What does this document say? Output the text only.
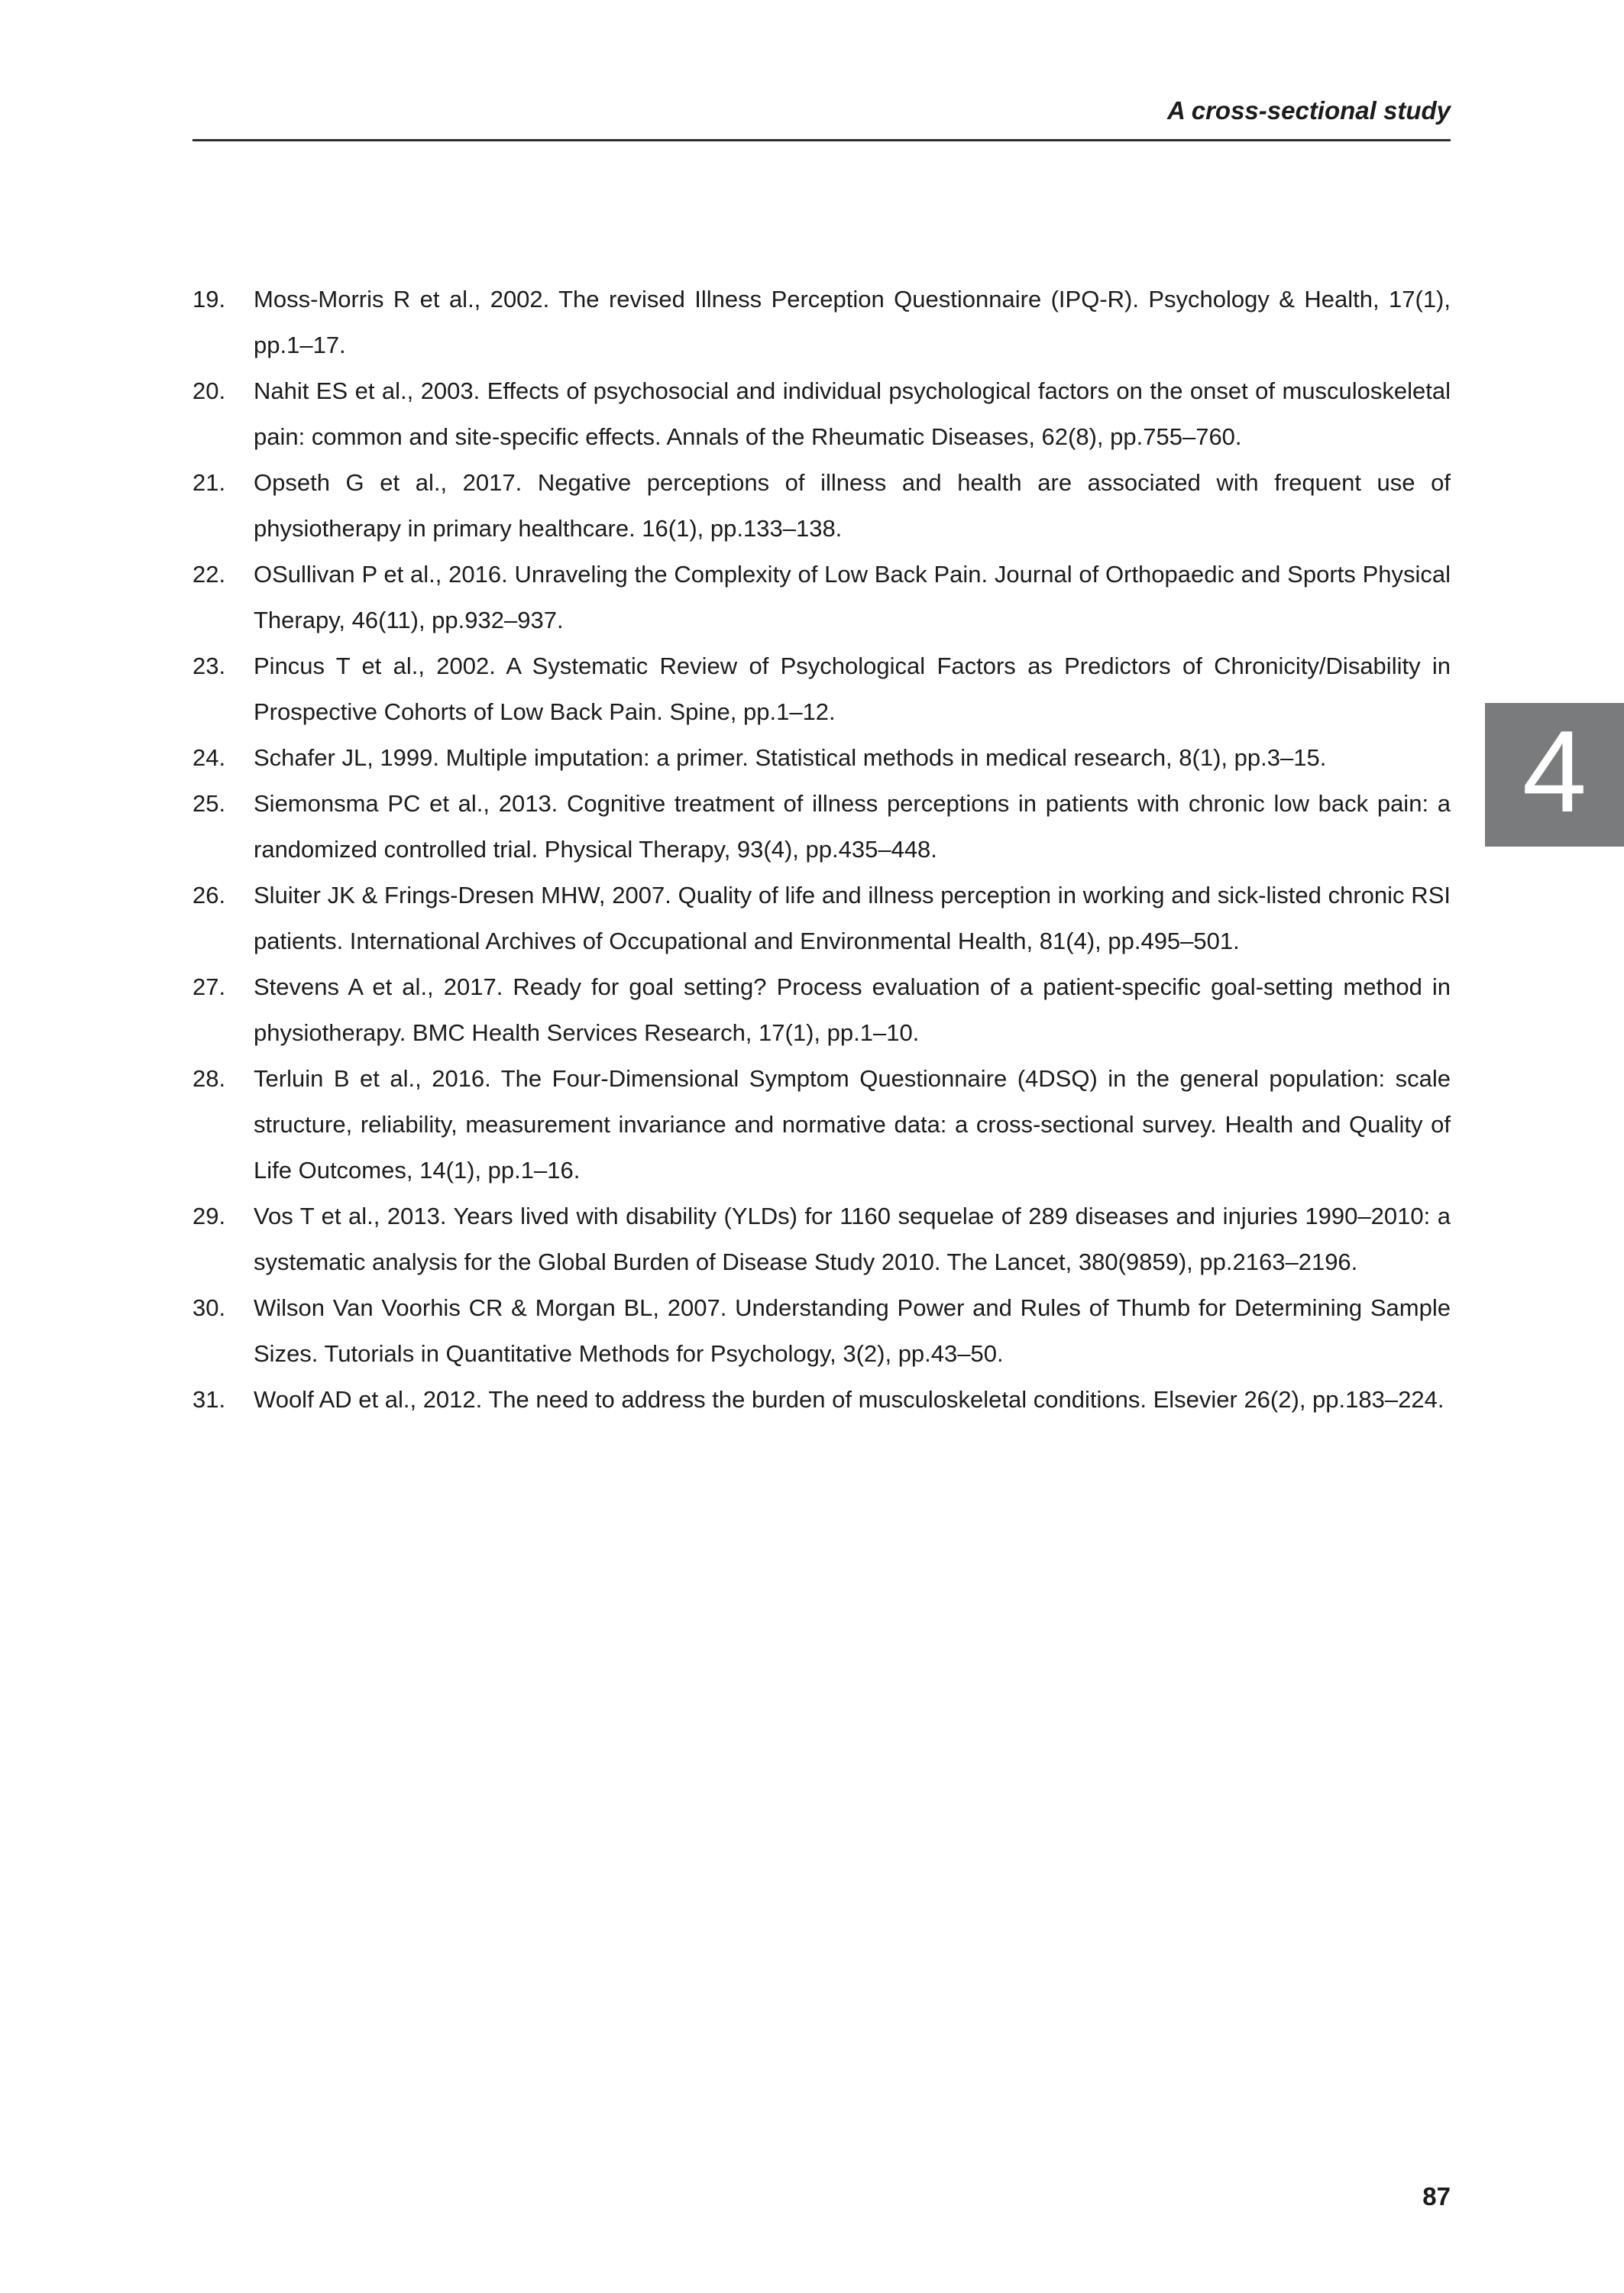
A cross-sectional study
4
19.	Moss-Morris R et al., 2002. The revised Illness Perception Questionnaire (IPQ-R). Psychology & Health, 17(1), pp.1–17.
20.	Nahit ES et al., 2003. Effects of psychosocial and individual psychological factors on the onset of musculoskeletal pain: common and site-specific effects. Annals of the Rheumatic Diseases, 62(8), pp.755–760.
21.	Opseth G et al., 2017. Negative perceptions of illness and health are associated with frequent use of physiotherapy in primary healthcare. 16(1), pp.133–138.
22.	OSullivan P et al., 2016. Unraveling the Complexity of Low Back Pain. Journal of Orthopaedic and Sports Physical Therapy, 46(11), pp.932–937.
23.	Pincus T et al., 2002. A Systematic Review of Psychological Factors as Predictors of Chronicity/Disability in Prospective Cohorts of Low Back Pain. Spine, pp.1–12.
24.	Schafer JL, 1999. Multiple imputation: a primer. Statistical methods in medical research, 8(1), pp.3–15.
25.	Siemonsma PC et al., 2013. Cognitive treatment of illness perceptions in patients with chronic low back pain: a randomized controlled trial. Physical Therapy, 93(4), pp.435–448.
26.	Sluiter JK & Frings-Dresen MHW, 2007. Quality of life and illness perception in working and sick-listed chronic RSI patients. International Archives of Occupational and Environmental Health, 81(4), pp.495–501.
27.	Stevens A et al., 2017. Ready for goal setting? Process evaluation of a patient-specific goal-setting method in physiotherapy. BMC Health Services Research, 17(1), pp.1–10.
28.	Terluin B et al., 2016. The Four-Dimensional Symptom Questionnaire (4DSQ) in the general population: scale structure, reliability, measurement invariance and normative data: a cross-sectional survey. Health and Quality of Life Outcomes, 14(1), pp.1–16.
29.	Vos T et al., 2013. Years lived with disability (YLDs) for 1160 sequelae of 289 diseases and injuries 1990–2010: a systematic analysis for the Global Burden of Disease Study 2010. The Lancet, 380(9859), pp.2163–2196.
30.	Wilson Van Voorhis CR & Morgan BL, 2007. Understanding Power and Rules of Thumb for Determining Sample Sizes. Tutorials in Quantitative Methods for Psychology, 3(2), pp.43–50.
31.	Woolf AD et al., 2012. The need to address the burden of musculoskeletal conditions. Elsevier 26(2), pp.183–224.
87
